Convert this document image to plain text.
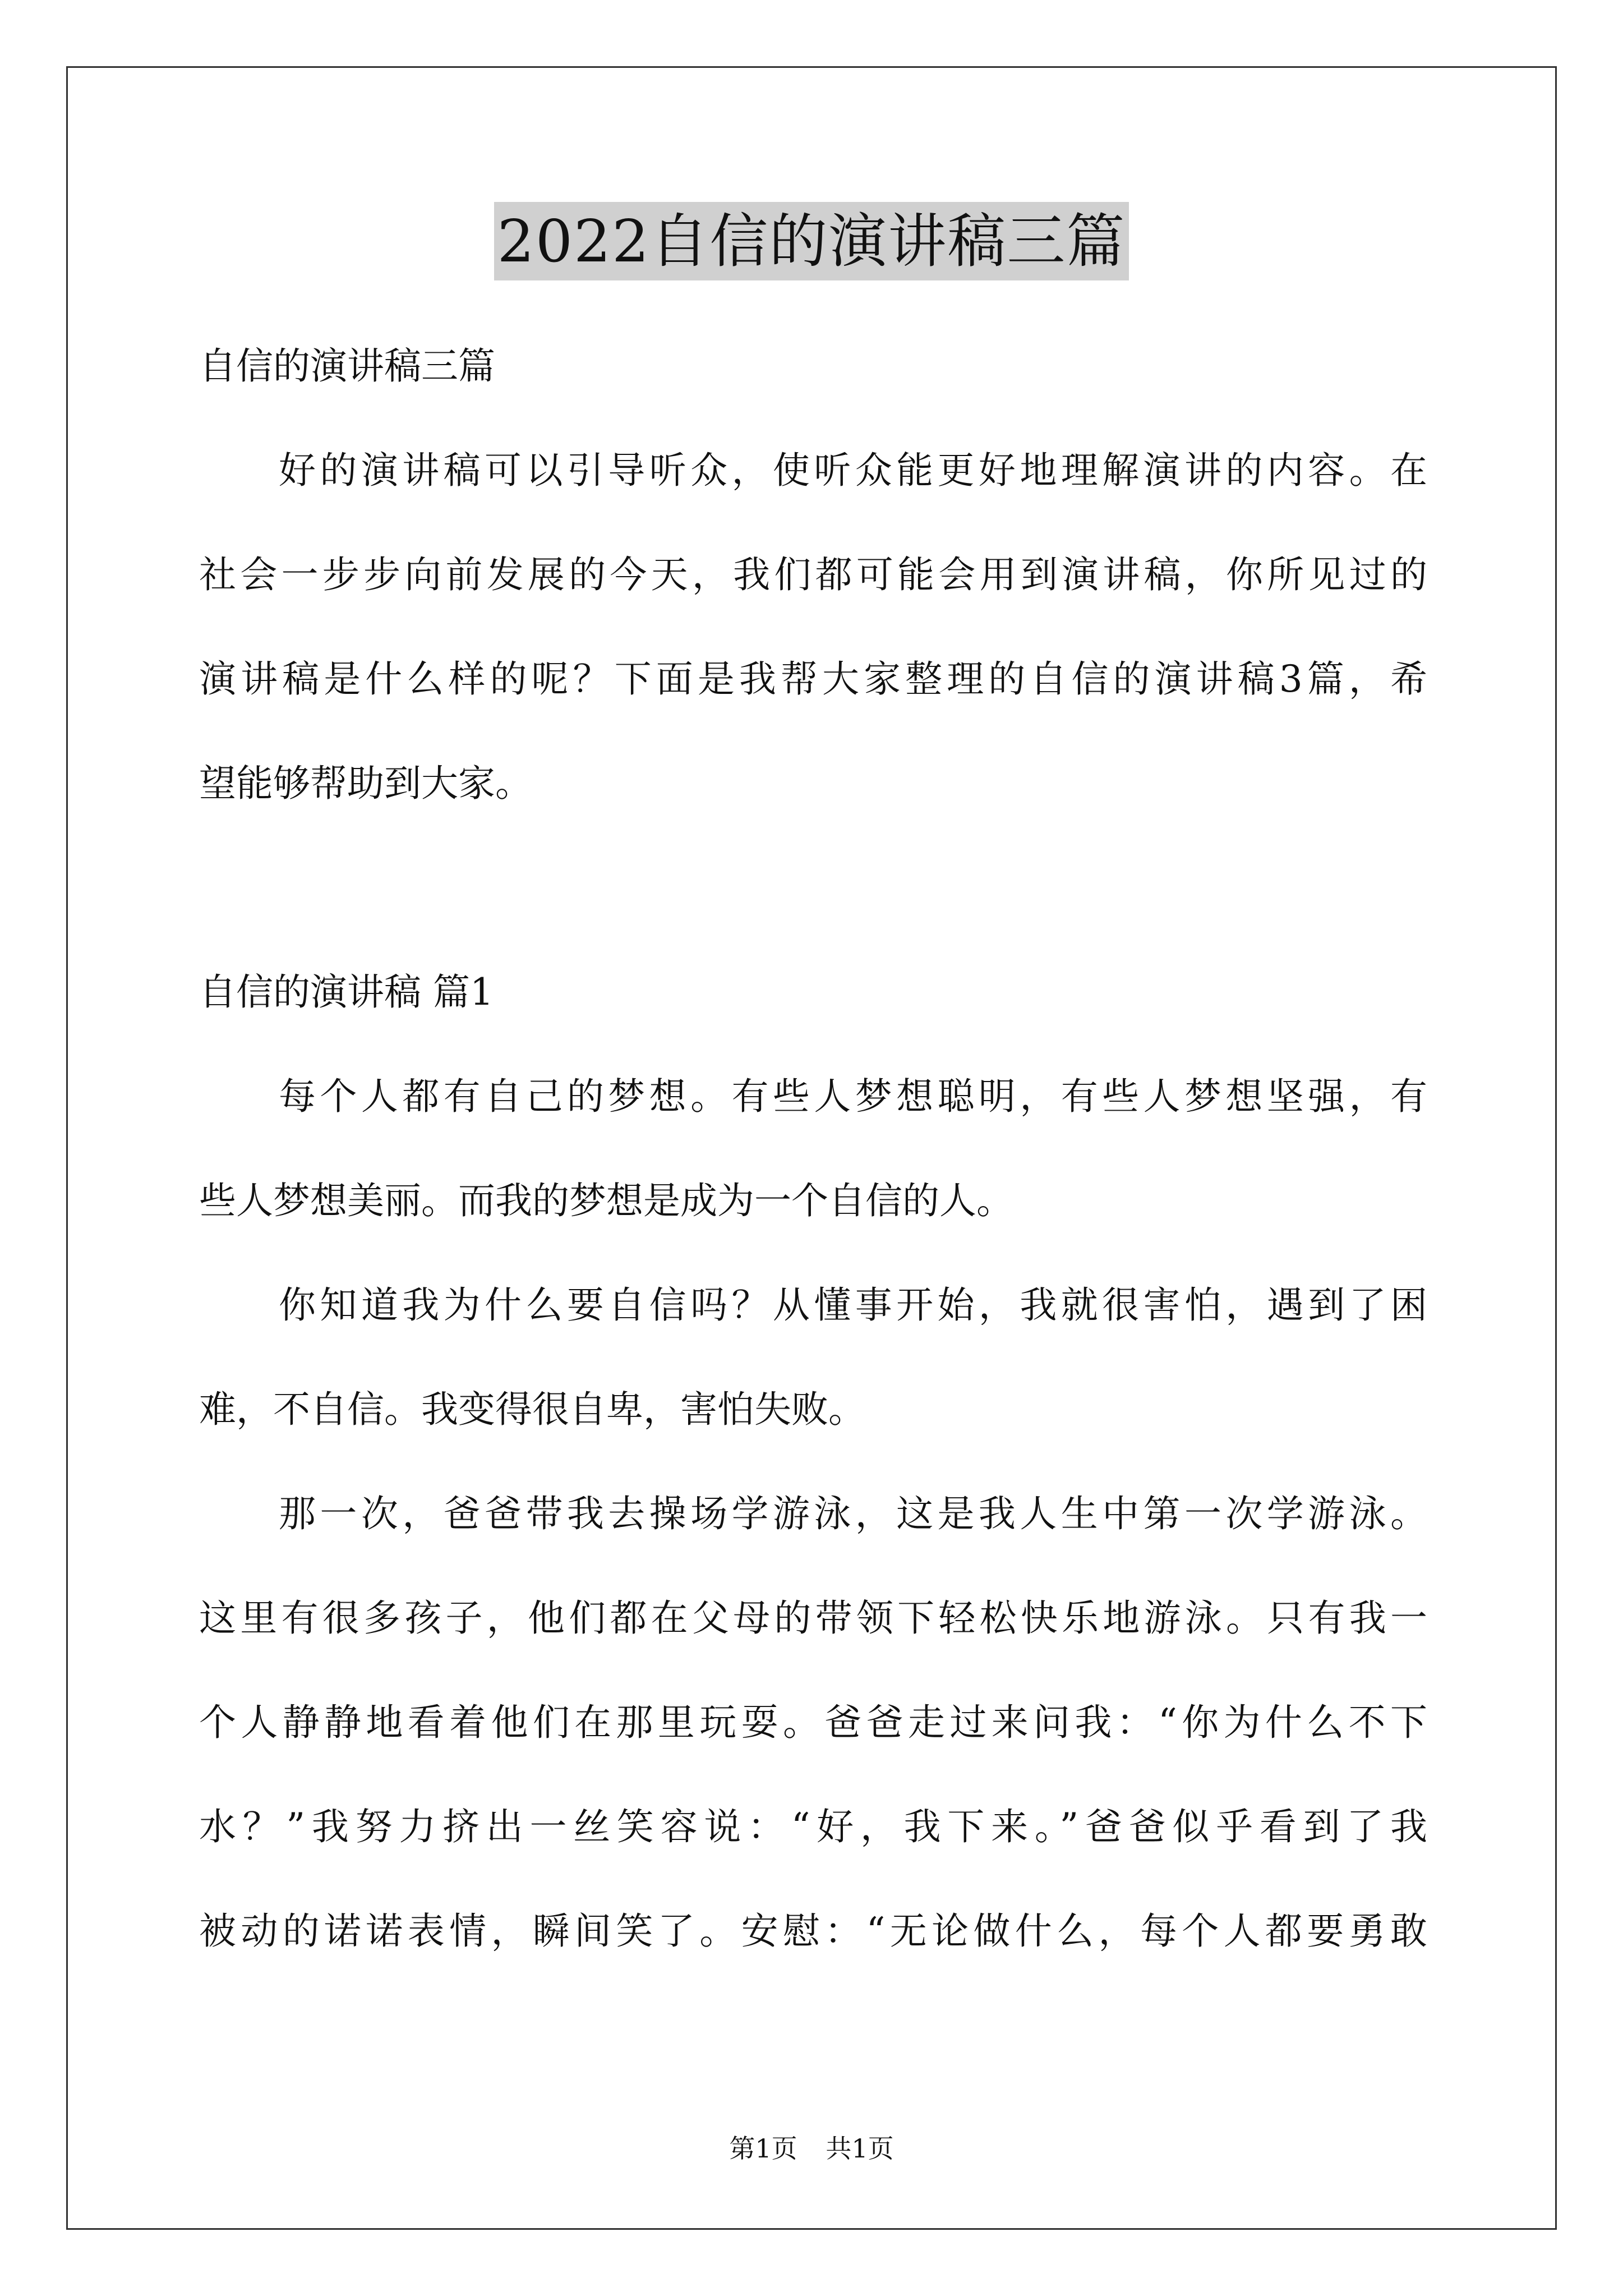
2022自信的演讲稿三篇
自信的演讲稿三篇
好的演讲稿可以引导听众，使听众能更好地理解演讲的内容。在
社会一步步向前发展的今天，我们都可能会用到演讲稿，你所见过的
演讲稿是什么样的呢？下面是我帮大家整理的自信的演讲稿3篇，希
望能够帮助到大家。
自信的演讲稿 篇1
每个人都有自己的梦想。有些人梦想聪明，有些人梦想坚强，有
些人梦想美丽。而我的梦想是成为一个自信的人。
你知道我为什么要自信吗？从懂事开始，我就很害怕，遇到了困
难，不自信。我变得很自卑，害怕失败。
那一次，爸爸带我去操场学游泳，这是我人生中第一次学游泳。
这里有很多孩子，他们都在父母的带领下轻松快乐地游泳。只有我一
个人静静地看着他们在那里玩耍。爸爸走过来问我：“你为什么不下
水？”我努力挤出一丝笑容说：“好，我下来。”爸爸似乎看到了我
被动的诺诺表情，瞬间笑了。安慰：“无论做什么，每个人都要勇敢
第1页 共1页
